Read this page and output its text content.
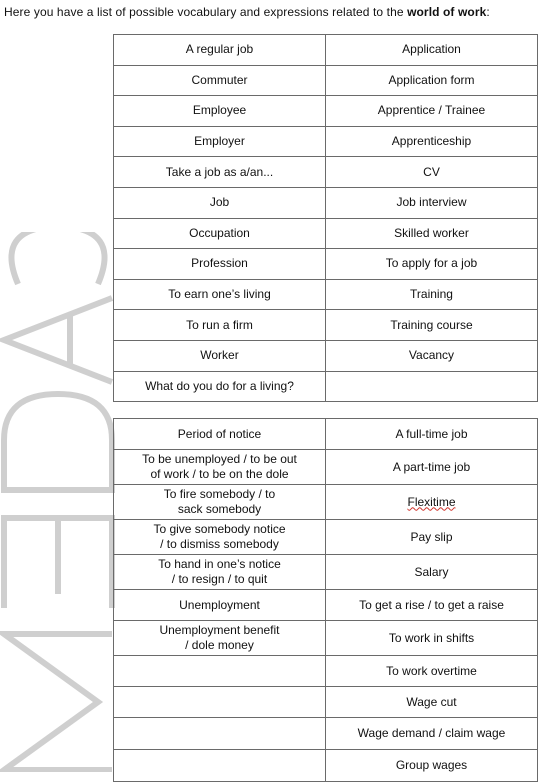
Here you have a list of possible vocabulary and expressions related to the world of work:
A regular job	Application
Commuter	Application form
Employee	Apprentice / Trainee
Employer	Apprenticeship
Take a job as a/an...	CV
Job	Job interview
Occupation	Skilled worker
Profession	To apply for a job
To earn one’s living	Training
To run a firm	Training course
Worker	Vacancy
What do you do for a living?	
Period of notice	A full-time job

To be unemployed / to be out
of work / to be on the dole	A part-time job

To fire somebody / to
sack somebody	Flexitime

To give somebody notice
/ to dismiss somebody	Pay slip

To hand in one’s notice
/ to resign / to quit	Salary
Unemployment	To get a rise / to get a raise

Unemployment benefit
/ dole money	To work in shifts
	To work overtime
	Wage cut
	Wage demand / claim wage
	Group wages
